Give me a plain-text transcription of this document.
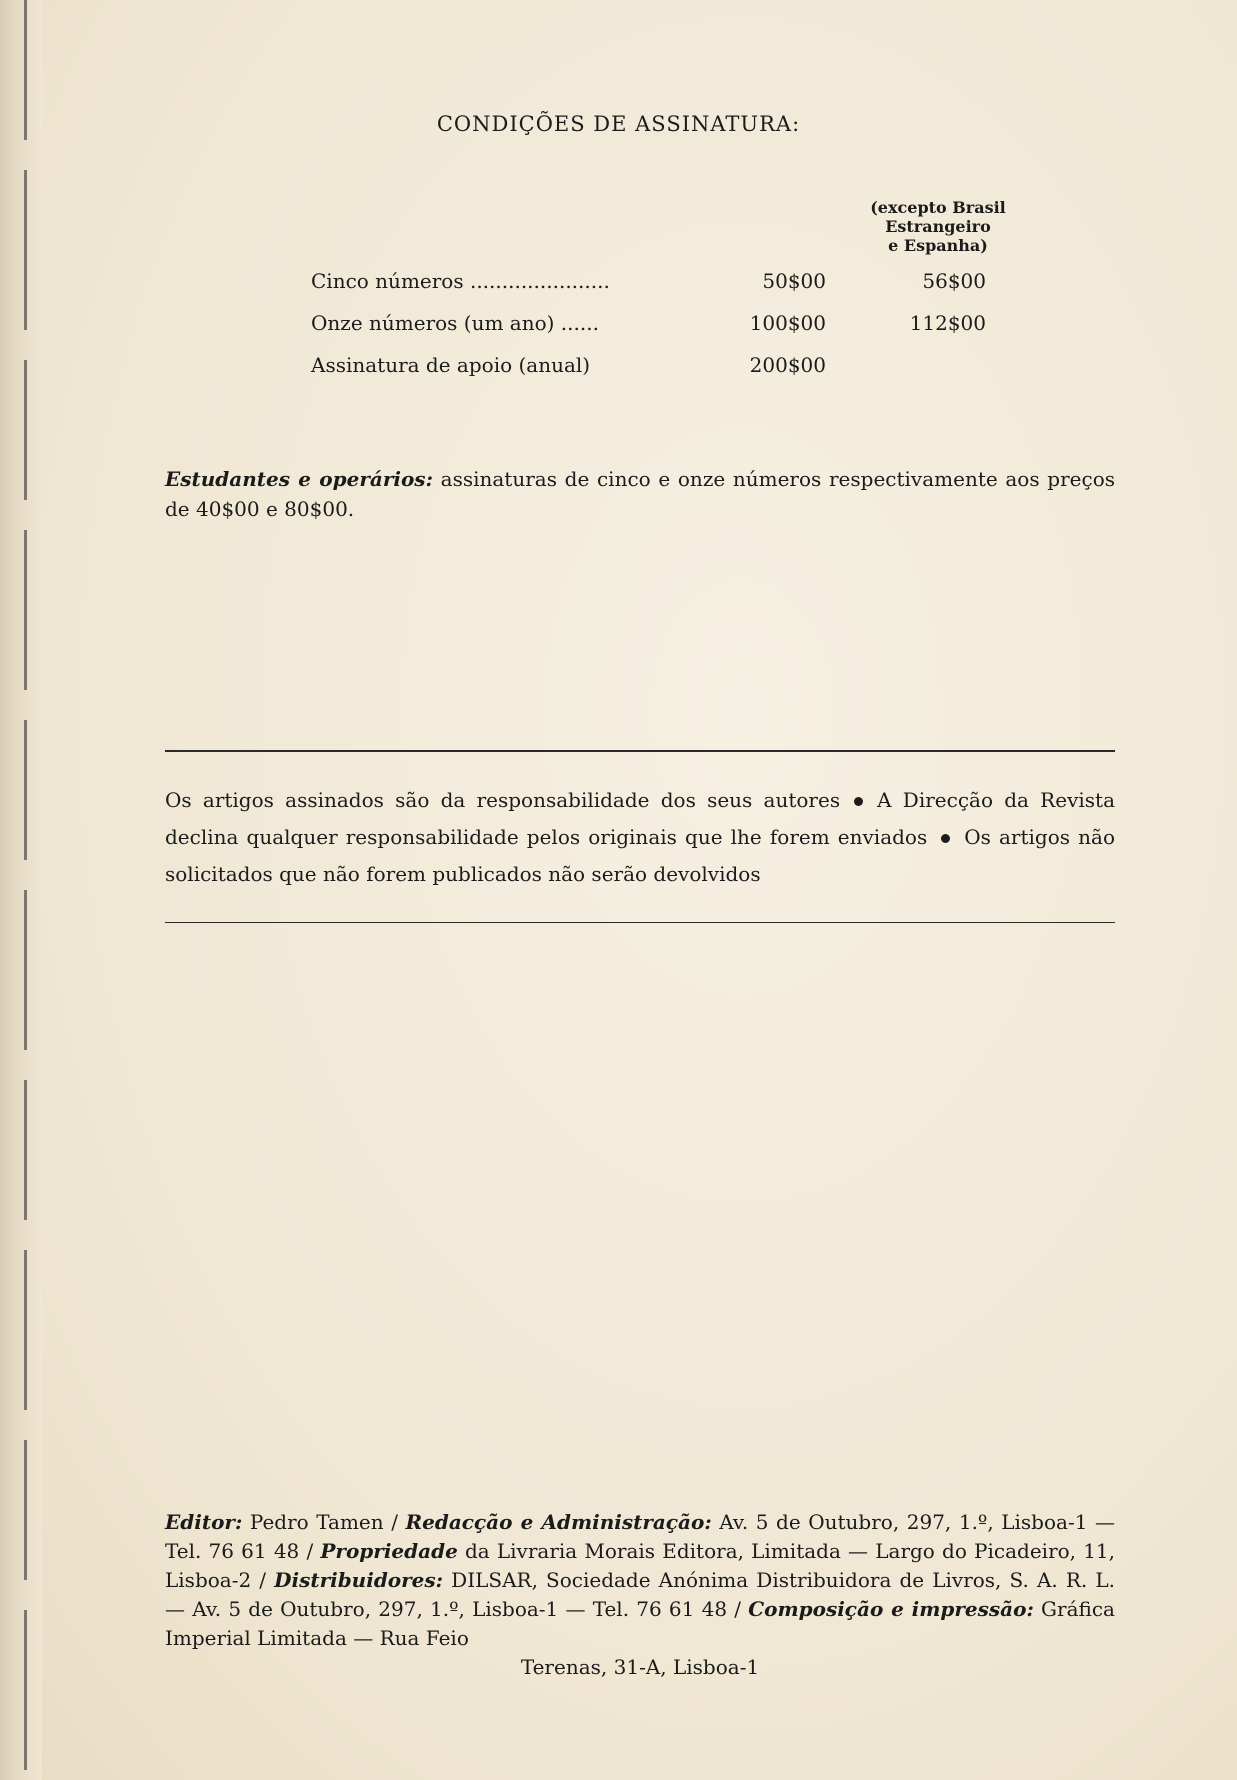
CONDIÇÕES DE ASSINATURA:
(excepto Brasil
Estrangeiro
e Espanha)
Cinco números ......................	50$00	56$00
Onze números (um ano) ......	100$00	112$00
Assinatura de apoio (anual)	200$00
Estudantes e operários: assinaturas de cinco e onze números respectivamente aos preços de 40$00 e 80$00.
Os artigos assinados são da responsabilidade dos seus autores A Direcção da Revista declina qualquer responsabilidade pelos originais que lhe forem enviados Os artigos não solicitados que não forem publicados não serão devolvidos
Editor: Pedro Tamen / Redacção e Administração: Av. 5 de Outubro, 297, 1.º, Lisboa-1 — Tel. 76 61 48 / Propriedade da Livraria Morais Editora, Limitada — Largo do Picadeiro, 11, Lisboa-2 / Distribuidores: DILSAR, Sociedade Anónima Distribuidora de Livros, S. A. R. L. — Av. 5 de Outubro, 297, 1.º, Lisboa-1 — Tel. 76 61 48 / Composição e impressão: Gráfica Imperial Limitada — Rua Feio
Terenas, 31-A, Lisboa-1
